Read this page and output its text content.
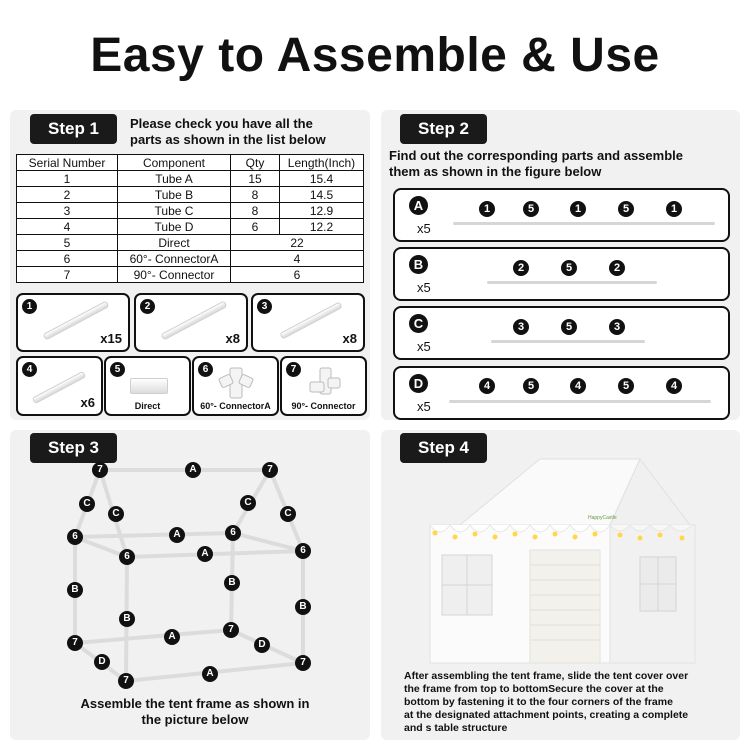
Easy to Assemble & Use
Step 1	Please check you have all the
parts as shown in the list below
Serial Number	Component	Qty	Length(Inch)
1	Tube A	15	15.4
2	Tube B	8	14.5
3	Tube C	8	12.9
4	Tube D	6	12.2
5	Direct	22	
6	60°- ConnectorA	4	
7	90°- Connector	6	
1
x15
2
x8
3
x8
4
x6
5
Direct
6
60°- ConnectorA
7
90°- Connector
Step 2
Find out the corresponding parts and assemble
them as shown in the figure below
A
x5
1	5	1	5	1
B
x5
2	5	2
C
x5
3	5	3
D
x5
4	5	4	5	4
Step 3
7	A	7
C	C
C	C
6	A	6
6	A	6
B
B
B
B
7
A
7
D
D
A
7
7
Assemble the tent frame as shown in
the picture below
Step 4
HappyCastle
After assembling the tent frame, slide the tent cover over
the frame from top to bottomSecure the cover at the
bottom by fastening it to the four corners of the frame
at the designated attachment points, creating a complete
and s table structure
